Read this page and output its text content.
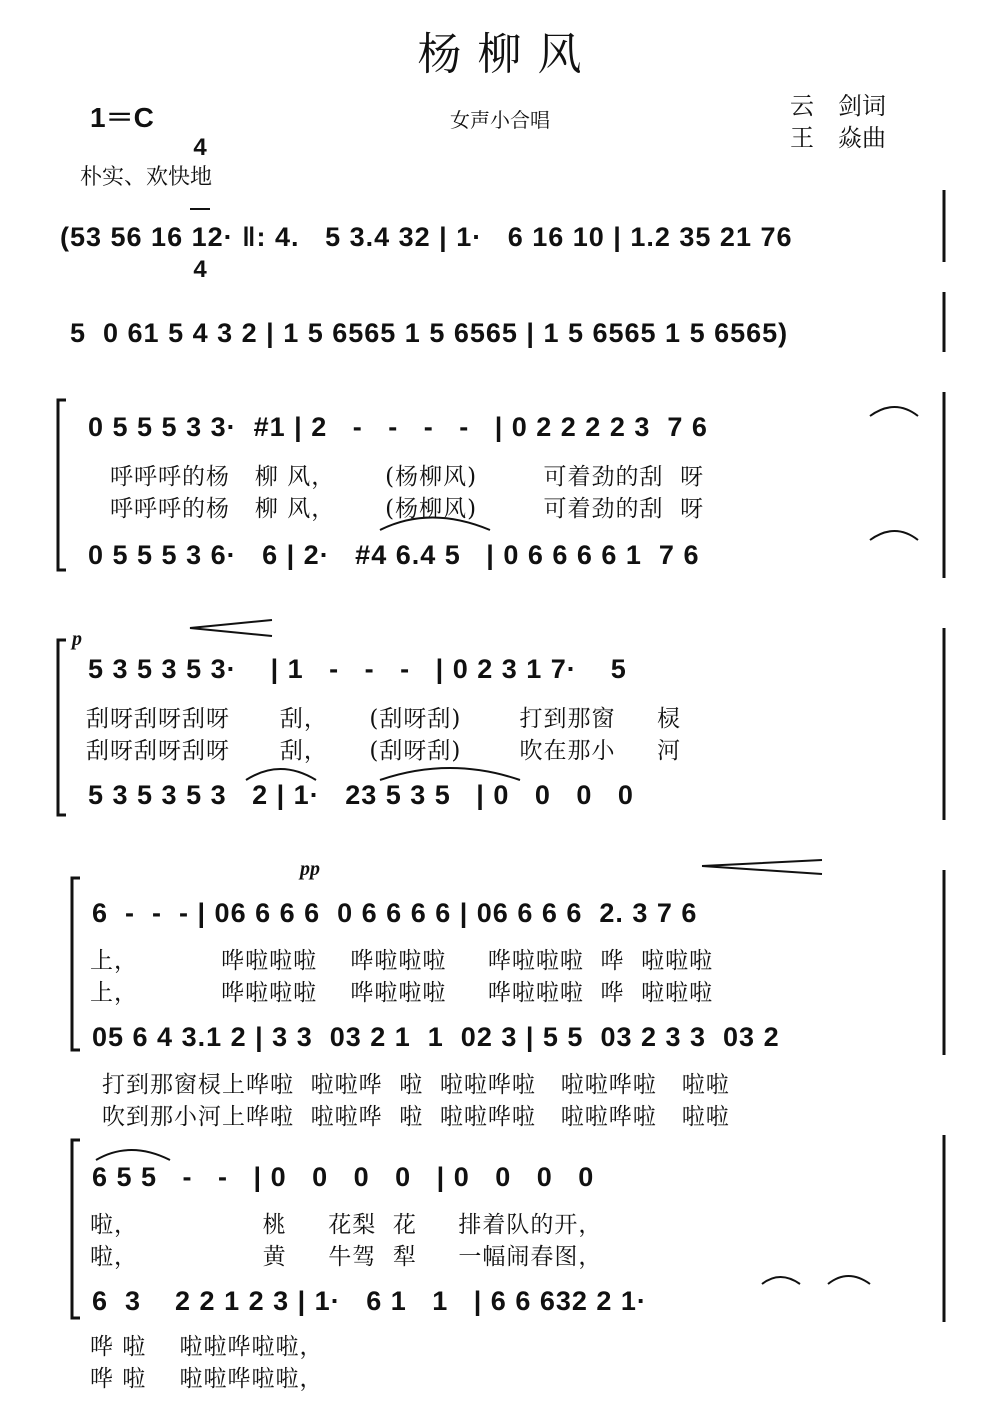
杨 柳 风
1＝C

4

4

女声小合唱	云　剑词
王　焱曲
朴实、欢快地
(53 56 16 12· ‖: 4.   5 3.4 32 | 1·   6 16 10 | 1.2 35 21 76
5  0 61 5 4 3 2 | 1 5 6565 1 5 6565 | 1 5 6565 1 5 6565)
0 5 5 5 3 3·  #1 | 2   -   -   -   -   | 0 2 2 2 2 3  7 6
呼呼呼的杨   柳 风，      (杨柳风)        可着劲的刮  呀
呼呼呼的杨   柳 风，      (杨柳风)        可着劲的刮  呀
0 5 5 5 3 6·   6 | 2·   #4 6.4 5   | 0 6 6 6 6 1  7 6
p
5 3 5 3 5 3·    | 1   -   -   -   | 0 2 3 1 7·    5
刮呀刮呀刮呀      刮，     (刮呀刮)       打到那窗     棂
刮呀刮呀刮呀      刮，     (刮呀刮)       吹在那小     河
5 3 5 3 5 3   2 | 1·   23 5 3 5   | 0   0   0   0
pp
6  -  -  - | 06 6 6 6  0 6 6 6 6 | 06 6 6 6  2. 3 7 6
上，          哗啦啦啦    哗啦啦啦     哗啦啦啦  哗  啦啦啦
上，          哗啦啦啦    哗啦啦啦     哗啦啦啦  哗  啦啦啦
05 6 4 3.1 2 | 3 3  03 2 1  1  02 3 | 5 5  03 2 3 3  03 2
打到那窗棂上哗啦  啦啦哗  啦  啦啦哗啦   啦啦哗啦   啦啦
吹到那小河上哗啦  啦啦哗  啦  啦啦哗啦   啦啦哗啦   啦啦
6 5 5   -   -   | 0   0   0   0   | 0   0   0   0
啦，               桃     花梨  花     排着队的开，
啦，               黄     牛驾  犁     一幅闹春图，
6  3    2 2 1 2 3 | 1·   6 1   1   | 6 6 632 2 1·
哗 啦    啦啦哗啦啦，
哗 啦    啦啦哗啦啦，
